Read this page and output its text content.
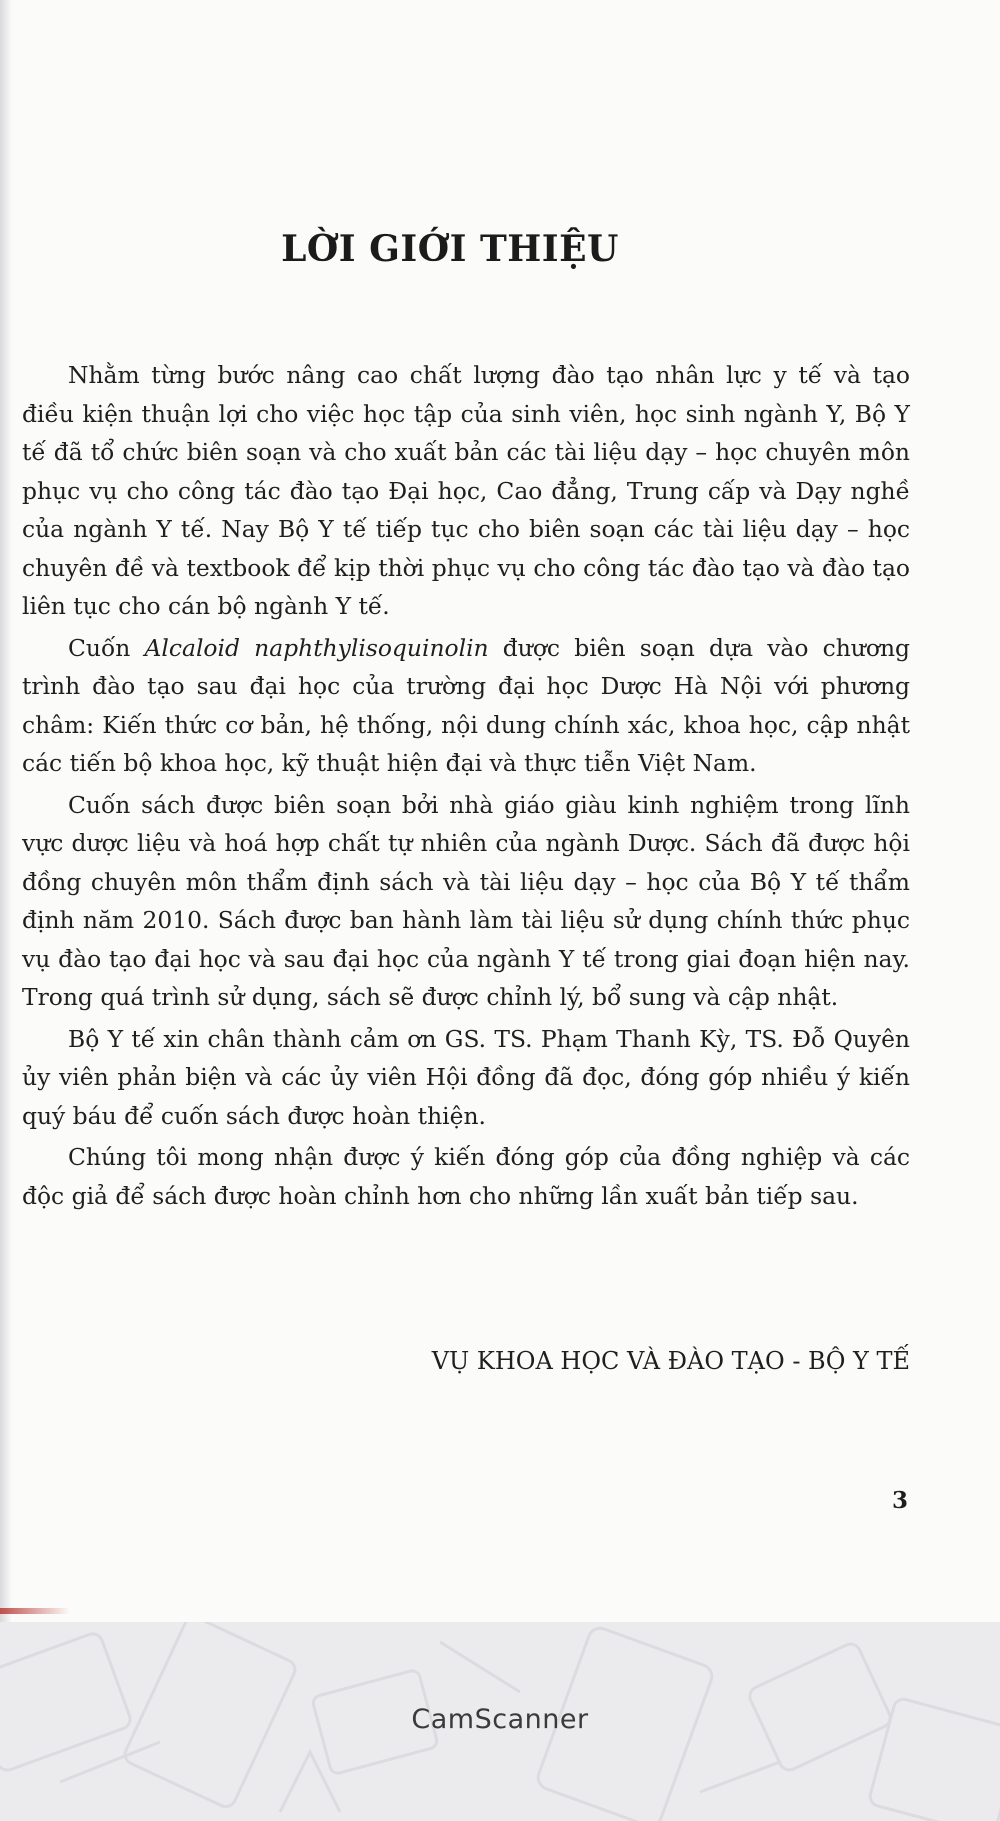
LỜI GIỚI THIỆU

Nhằm từng bước nâng cao chất lượng đào tạo nhân lực y tế và tạo điều kiện thuận lợi cho việc học tập của sinh viên, học sinh ngành Y, Bộ Y tế đã tổ chức biên soạn và cho xuất bản các tài liệu dạy – học chuyên môn phục vụ cho công tác đào tạo Đại học, Cao đẳng, Trung cấp và Dạy nghề của ngành Y tế. Nay Bộ Y tế tiếp tục cho biên soạn các tài liệu dạy – học chuyên đề và textbook để kịp thời phục vụ cho công tác đào tạo và đào tạo liên tục cho cán bộ ngành Y tế.

Cuốn Alcaloid naphthylisoquinolin được biên soạn dựa vào chương trình đào tạo sau đại học của trường đại học Dược Hà Nội với phương châm: Kiến thức cơ bản, hệ thống, nội dung chính xác, khoa học, cập nhật các tiến bộ khoa học, kỹ thuật hiện đại và thực tiễn Việt Nam.

Cuốn sách được biên soạn bởi nhà giáo giàu kinh nghiệm trong lĩnh vực dược liệu và hoá hợp chất tự nhiên của ngành Dược. Sách đã được hội đồng chuyên môn thẩm định sách và tài liệu dạy – học của Bộ Y tế thẩm định năm 2010. Sách được ban hành làm tài liệu sử dụng chính thức phục vụ đào tạo đại học và sau đại học của ngành Y tế trong giai đoạn hiện nay. Trong quá trình sử dụng, sách sẽ được chỉnh lý, bổ sung và cập nhật.

Bộ Y tế xin chân thành cảm ơn GS. TS. Phạm Thanh Kỳ, TS. Đỗ Quyên ủy viên phản biện và các ủy viên Hội đồng đã đọc, đóng góp nhiều ý kiến quý báu để cuốn sách được hoàn thiện.

Chúng tôi mong nhận được ý kiến đóng góp của đồng nghiệp và các độc giả để sách được hoàn chỉnh hơn cho những lần xuất bản tiếp sau.

VỤ KHOA HỌC VÀ ĐÀO TẠO - BỘ Y TẾ
3
CamScanner
